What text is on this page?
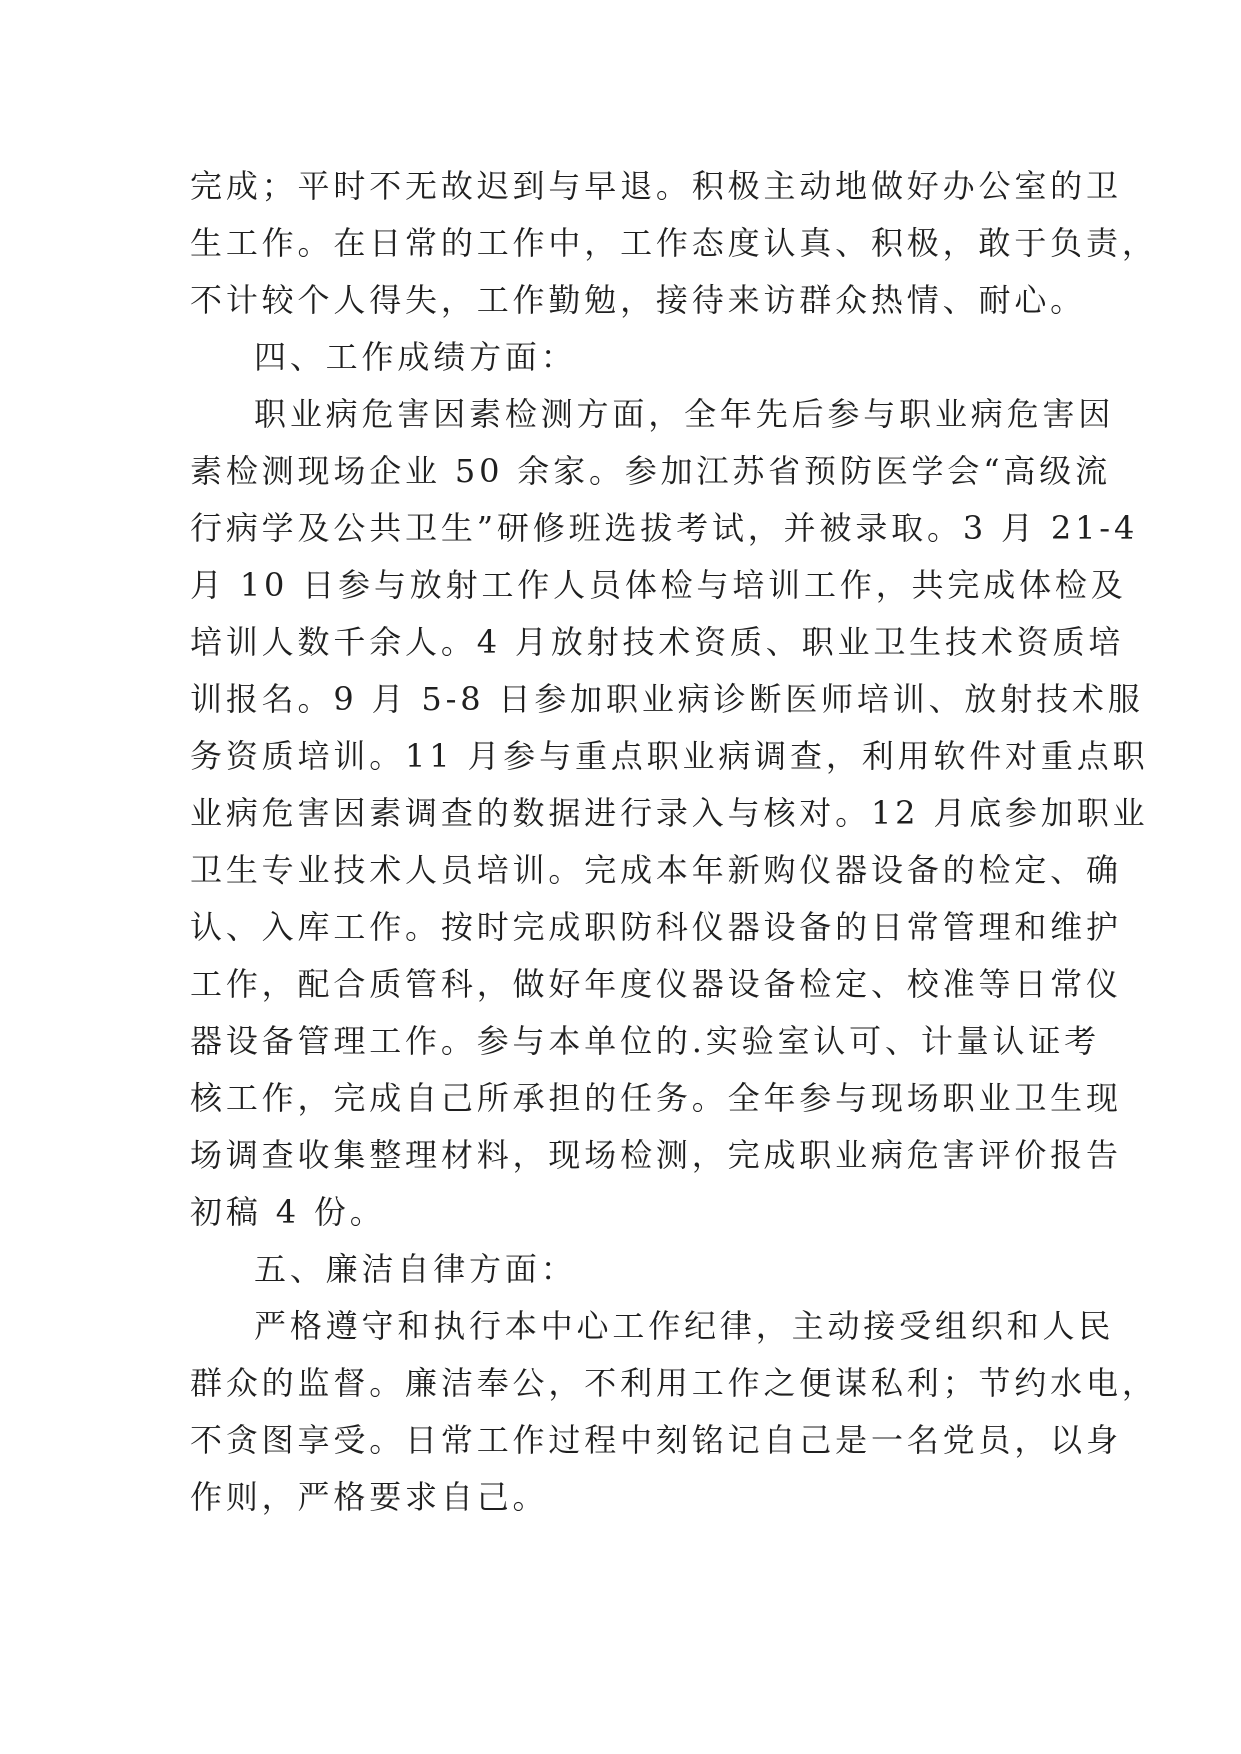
完成；平时不无故迟到与早退。积极主动地做好办公室的卫
生工作。在日常的工作中，工作态度认真、积极，敢于负责，
不计较个人得失，工作勤勉，接待来访群众热情、耐心。
四、工作成绩方面：
职业病危害因素检测方面，全年先后参与职业病危害因
素检测现场企业 50 余家。参加江苏省预防医学会“高级流
行病学及公共卫生”研修班选拔考试，并被录取。3 月 21-4
月 10 日参与放射工作人员体检与培训工作，共完成体检及
培训人数千余人。4 月放射技术资质、职业卫生技术资质培
训报名。9 月 5-8 日参加职业病诊断医师培训、放射技术服
务资质培训。11 月参与重点职业病调查，利用软件对重点职
业病危害因素调查的数据进行录入与核对。12 月底参加职业
卫生专业技术人员培训。完成本年新购仪器设备的检定、确
认、入库工作。按时完成职防科仪器设备的日常管理和维护
工作，配合质管科，做好年度仪器设备检定、校准等日常仪
器设备管理工作。参与本单位的.实验室认可、计量认证考
核工作，完成自己所承担的任务。全年参与现场职业卫生现
场调查收集整理材料，现场检测，完成职业病危害评价报告
初稿 4 份。
五、廉洁自律方面：
严格遵守和执行本中心工作纪律，主动接受组织和人民
群众的监督。廉洁奉公，不利用工作之便谋私利；节约水电，
不贪图享受。日常工作过程中刻铭记自己是一名党员，以身
作则，严格要求自己。
